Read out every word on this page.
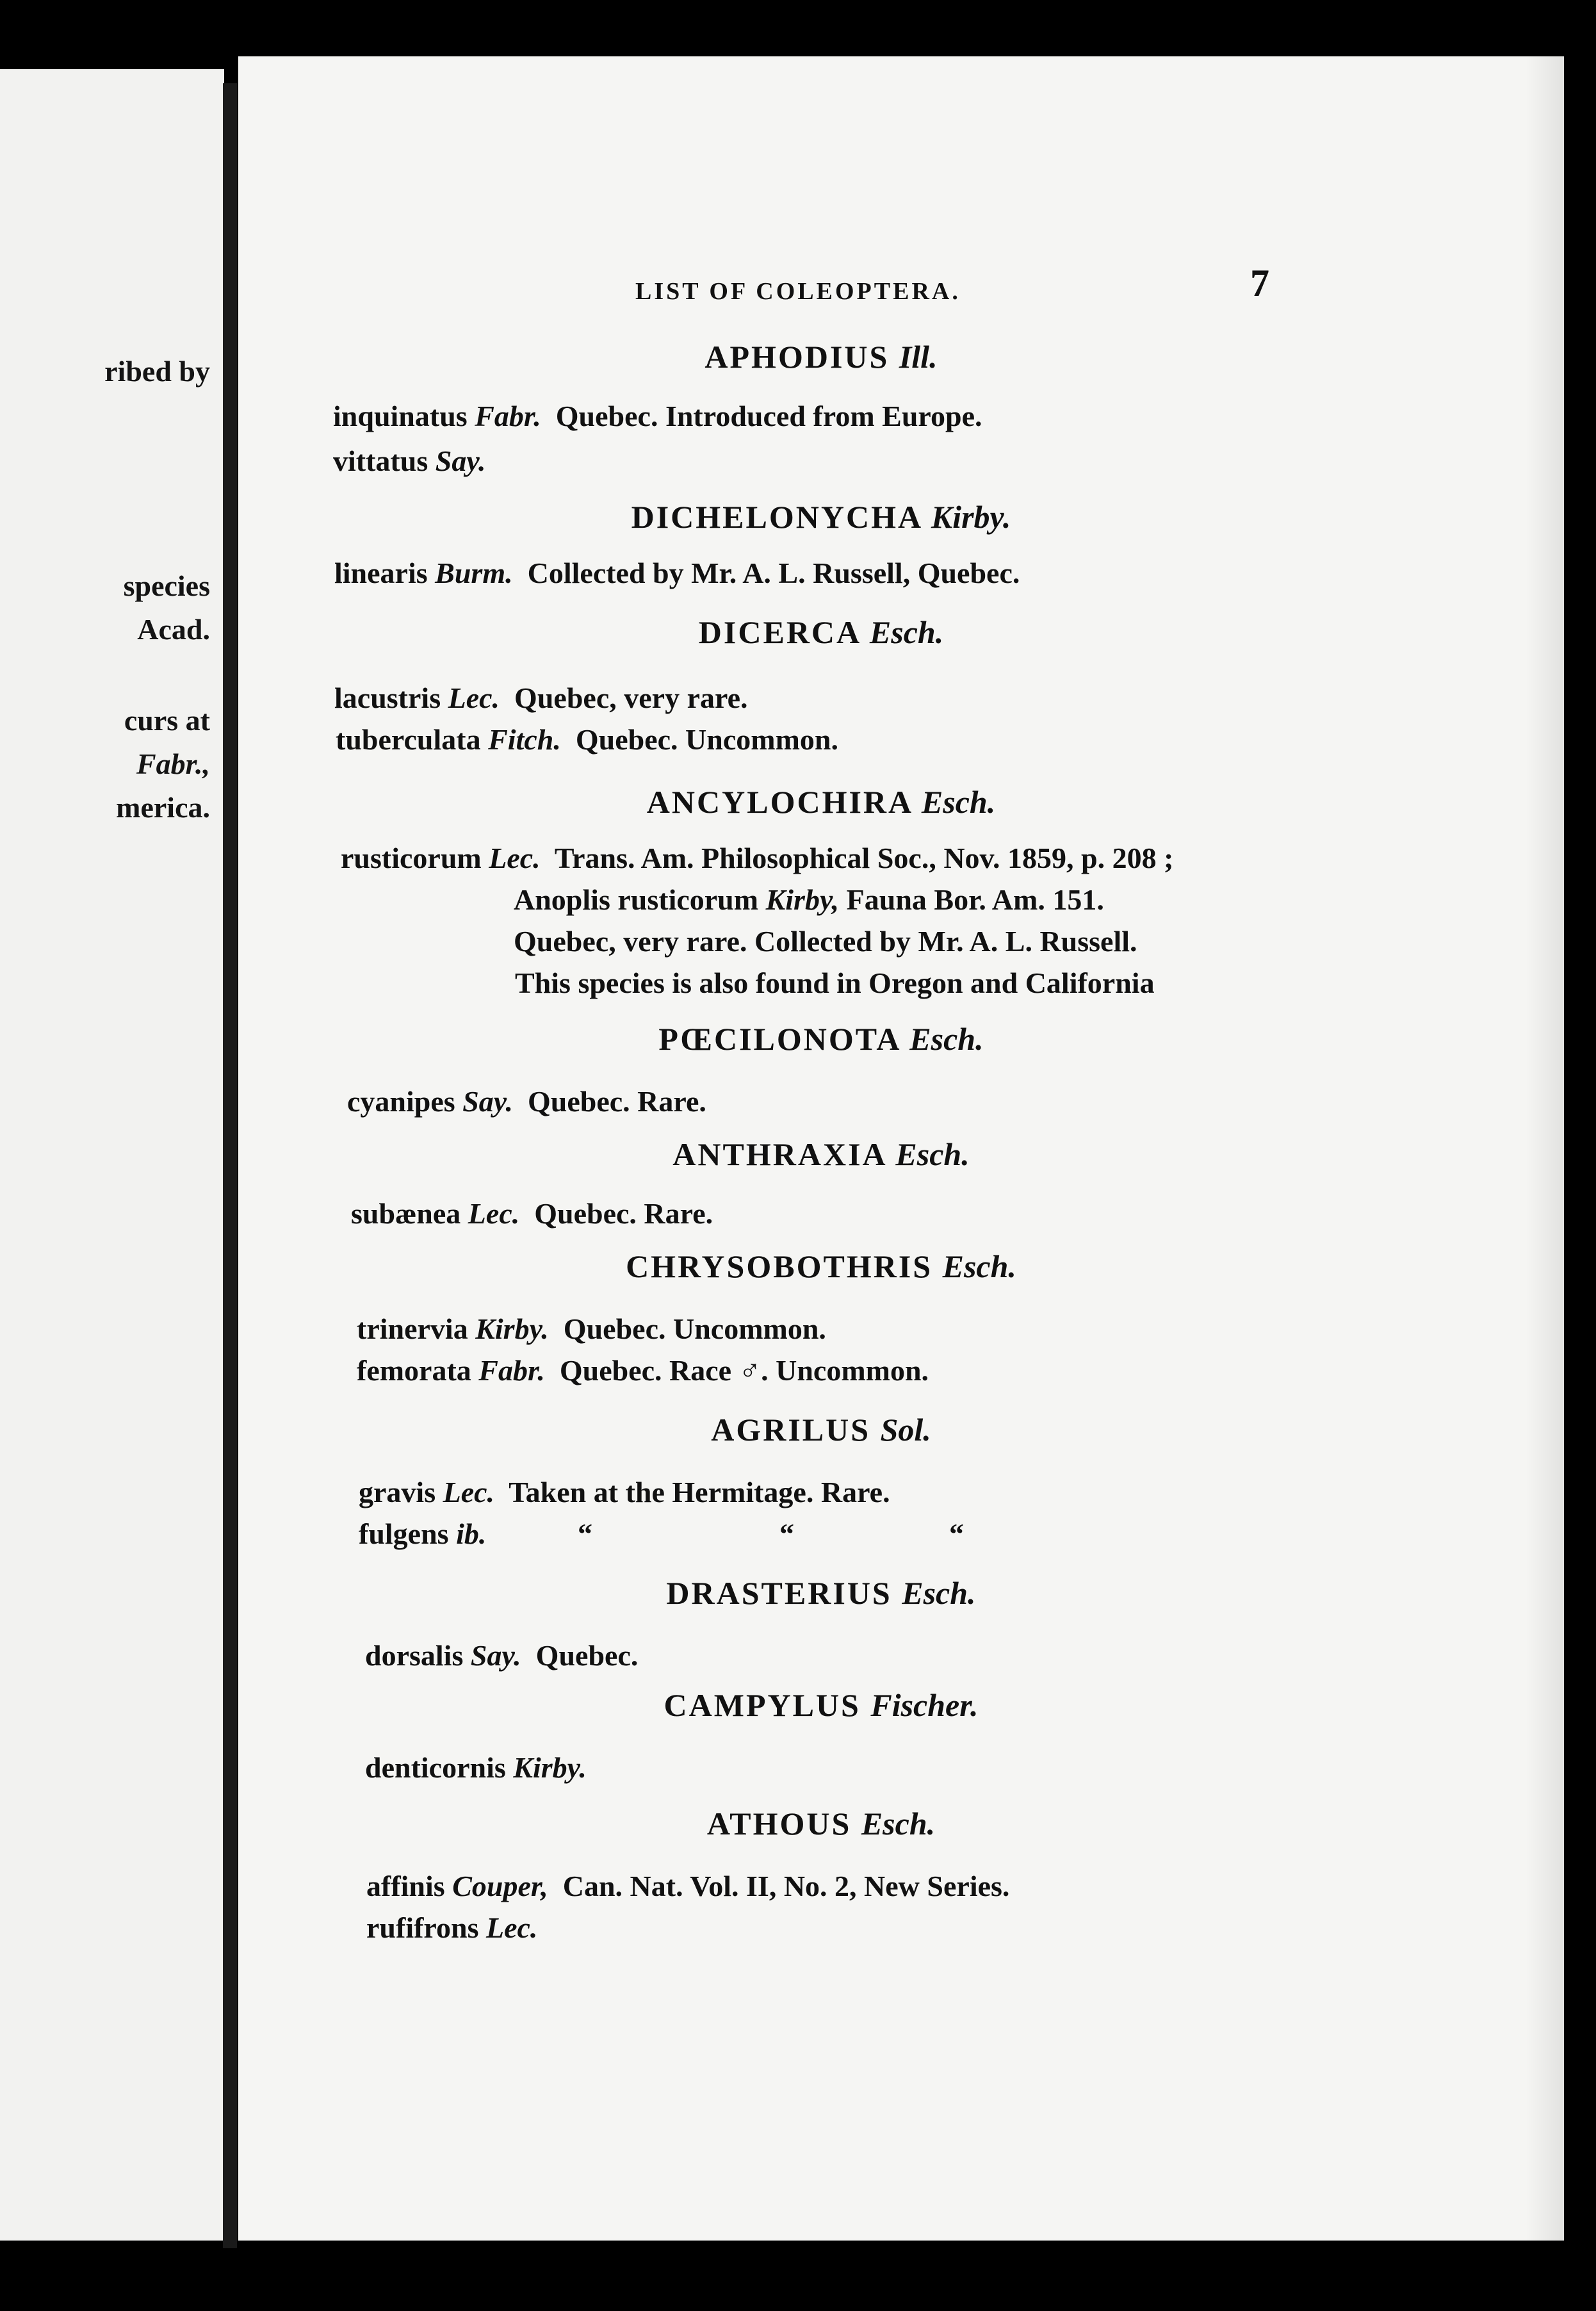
ribed by
species
Acad.
curs at
Fabr.,
merica.
LIST OF COLEOPTERA.	7
APHODIUS Ill.
inquinatus Fabr. Quebec. Introduced from Europe.
vittatus Say.
DICHELONYCHA Kirby.
linearis Burm. Collected by Mr. A. L. Russell, Quebec.
DICERCA Esch.
lacustris Lec. Quebec, very rare.
tuberculata Fitch. Quebec. Uncommon.
ANCYLOCHIRA Esch.
rusticorum Lec. Trans. Am. Philosophical Soc., Nov. 1859, p. 208 ;
Anoplis rusticorum Kirby, Fauna Bor. Am. 151.
Quebec, very rare. Collected by Mr. A. L. Russell.
This species is also found in Oregon and California
PŒCILONOTA Esch.
cyanipes Say. Quebec. Rare.
ANTHRAXIA Esch.
subænea Lec. Quebec. Rare.
CHRYSOBOTHRIS Esch.
trinervia Kirby. Quebec. Uncommon.
femorata Fabr. Quebec. Race ♂. Uncommon.
AGRILUS Sol.
gravis Lec. Taken at the Hermitage. Rare.
fulgens ib.	“	“	“
DRASTERIUS Esch.
dorsalis Say. Quebec.
CAMPYLUS Fischer.
denticornis Kirby.
ATHOUS Esch.
affinis Couper, Can. Nat. Vol. II, No. 2, New Series.
rufifrons Lec.
